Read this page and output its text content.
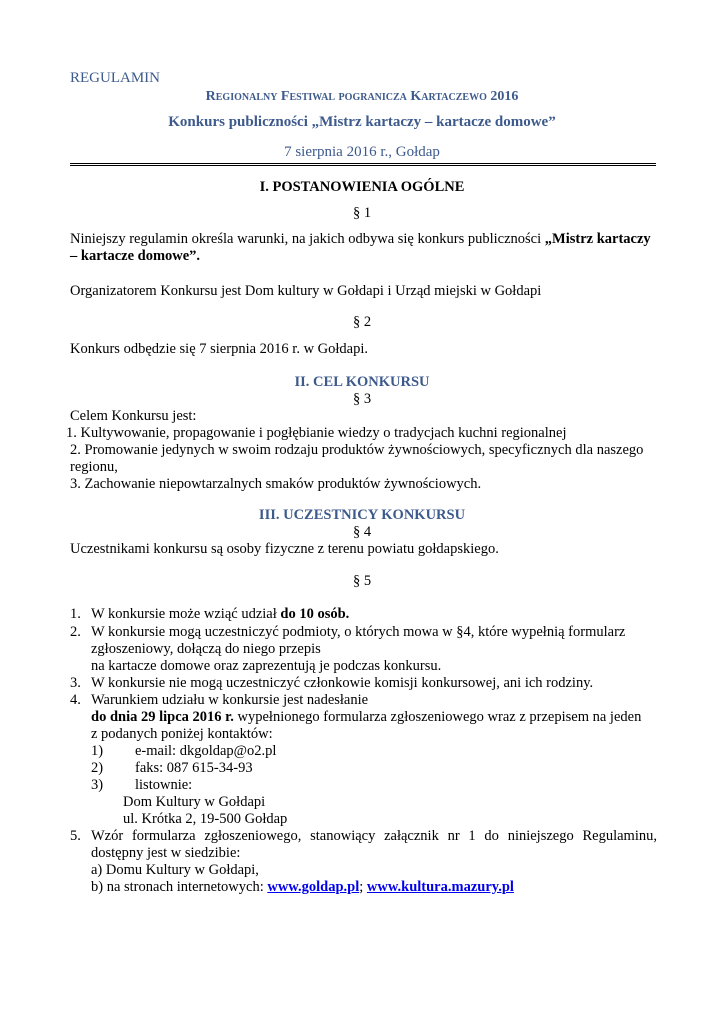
REGULAMIN
Regionalny Festiwal pogranicza Kartaczewo 2016
Konkurs publiczności „Mistrz kartaczy – kartacze domowe”
7 sierpnia 2016 r., Gołdap
I. POSTANOWIENIA OGÓLNE
§ 1
Niniejszy regulamin określa warunki, na jakich odbywa się konkurs publiczności „Mistrz kartaczy
– kartacze domowe”.
Organizatorem Konkursu jest Dom kultury w Gołdapi i Urząd miejski w Gołdapi
§ 2
Konkurs odbędzie się 7 sierpnia 2016 r. w Gołdapi.
II. CEL KONKURSU
§ 3
Celem Konkursu jest:
1. Kultywowanie, propagowanie i pogłębianie wiedzy o tradycjach kuchni regionalnej
2. Promowanie jedynych w swoim rodzaju produktów żywnościowych, specyficznych dla naszego
regionu,
3. Zachowanie niepowtarzalnych smaków produktów żywnościowych.
III. UCZESTNICY KONKURSU
§ 4
Uczestnikami konkursu są osoby fizyczne z terenu powiatu gołdapskiego.
§ 5
1. W konkursie może wziąć udział do 10 osób.
2. W konkursie mogą uczestniczyć podmioty, o których mowa w §4, które wypełnią formularz
zgłoszeniowy, dołączą do niego przepis
na kartacze domowe oraz zaprezentują je podczas konkursu.
3. W konkursie nie mogą uczestniczyć członkowie komisji konkursowej, ani ich rodziny.
4. Warunkiem udziału w konkursie jest nadesłanie
do dnia 29 lipca 2016 r. wypełnionego formularza zgłoszeniowego wraz z przepisem na jeden
z podanych poniżej kontaktów:
1) e-mail: dkgoldap@o2.pl
2) faks: 087 615-34-93
3) listownie:
Dom Kultury w Gołdapi
ul. Krótka 2, 19-500 Gołdap
5. Wzór formularza zgłoszeniowego, stanowiący załącznik nr 1 do niniejszego Regulaminu,
dostępny jest w siedzibie:
a) Domu Kultury w Gołdapi,
b) na stronach internetowych: www.goldap.pl; www.kultura.mazury.pl
